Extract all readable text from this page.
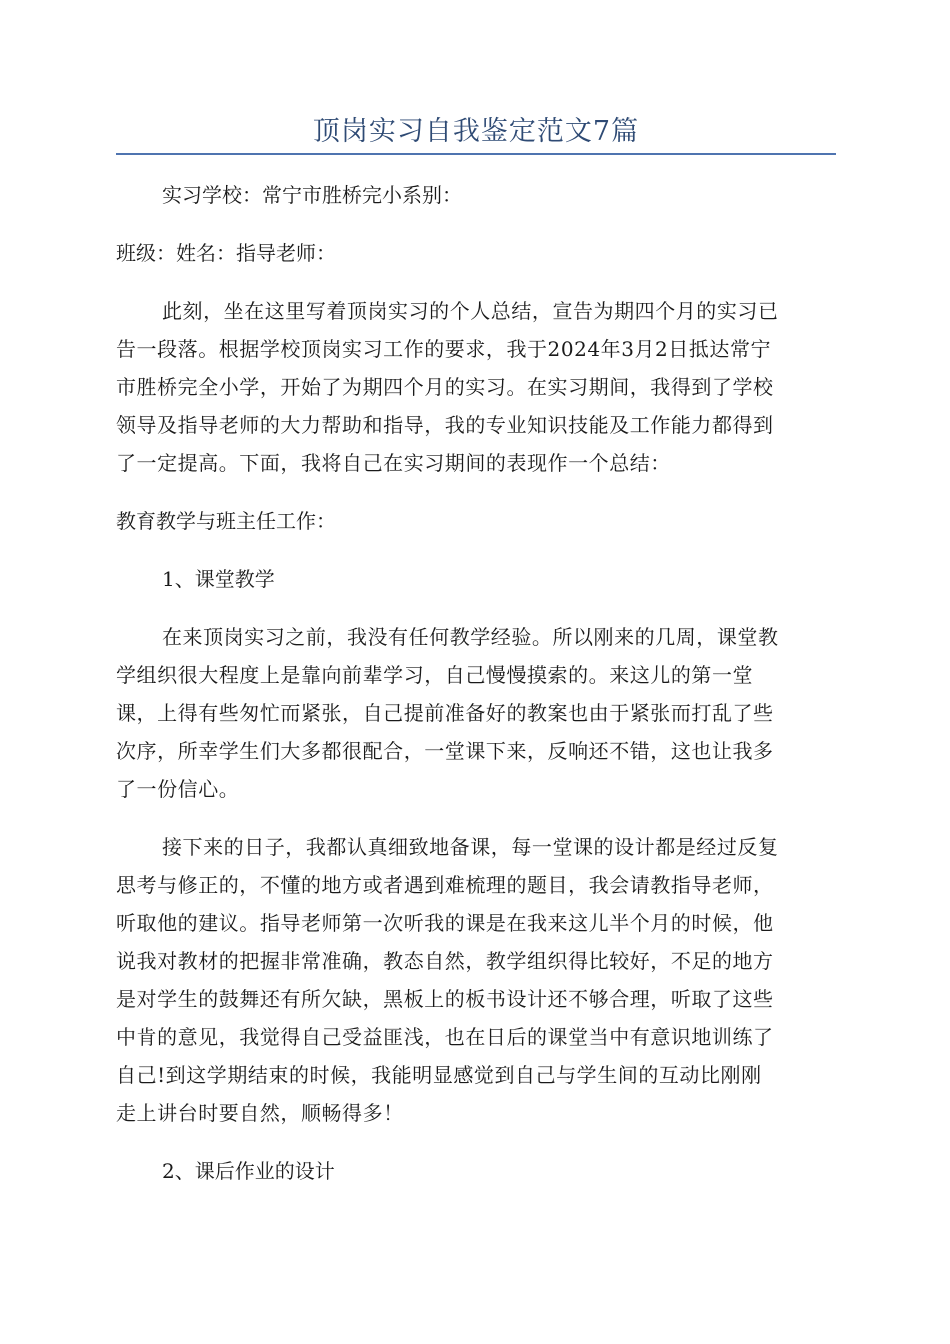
顶岗实习自我鉴定范文7篇

实习学校：常宁市胜桥完小系别：

班级：姓名：指导老师：

此刻，坐在这里写着顶岗实习的个人总结，宣告为期四个月的实习已
告一段落。根据学校顶岗实习工作的要求，我于2024年3月2日抵达常宁
市胜桥完全小学，开始了为期四个月的实习。在实习期间，我得到了学校
领导及指导老师的大力帮助和指导，我的专业知识技能及工作能力都得到
了一定提高。下面，我将自己在实习期间的表现作一个总结：

教育教学与班主任工作：

1、课堂教学

在来顶岗实习之前，我没有任何教学经验。所以刚来的几周，课堂教
学组织很大程度上是靠向前辈学习，自己慢慢摸索的。来这儿的第一堂
课，上得有些匆忙而紧张，自己提前准备好的教案也由于紧张而打乱了些
次序，所幸学生们大多都很配合，一堂课下来，反响还不错，这也让我多
了一份信心。

接下来的日子，我都认真细致地备课，每一堂课的设计都是经过反复
思考与修正的，不懂的地方或者遇到难梳理的题目，我会请教指导老师，
听取他的建议。指导老师第一次听我的课是在我来这儿半个月的时候，他
说我对教材的把握非常准确，教态自然，教学组织得比较好，不足的地方
是对学生的鼓舞还有所欠缺，黑板上的板书设计还不够合理，听取了这些
中肯的意见，我觉得自己受益匪浅，也在日后的课堂当中有意识地训练了
自己!到这学期结束的时候，我能明显感觉到自己与学生间的互动比刚刚
走上讲台时要自然，顺畅得多！

2、课后作业的设计
